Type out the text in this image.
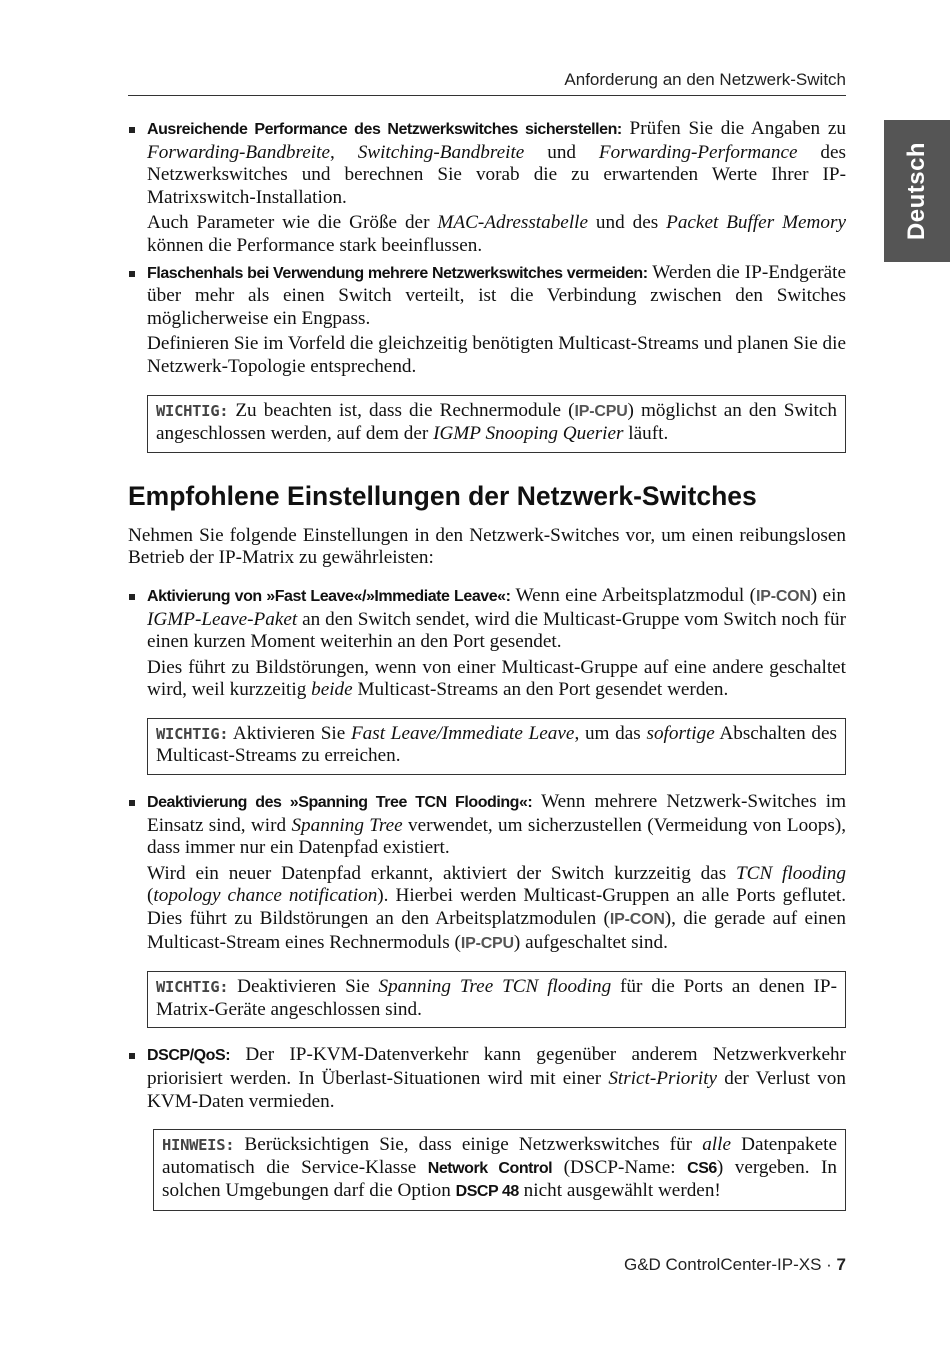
Anforderung an den Netzwerk-Switch
Deutsch

Ausreichende Performance des Netzwerkswitches sicherstellen: Prüfen Sie die Angaben zu Forwarding-Bandbreite, Switching-Bandbreite und Forwarding-Performance des Netzwerkswitches und berechnen Sie vorab die zu erwartenden Werte Ihrer IP-Matrixswitch-Installation.

Auch Parameter wie die Größe der MAC-Adresstabelle und des Packet Buffer Memory können die Performance stark beeinflussen.

Flaschenhals bei Verwendung mehrere Netzwerkswitches vermeiden: Werden die IP-Endgeräte über mehr als einen Switch verteilt, ist die Verbindung zwischen den Switches möglicherweise ein Engpass.

Definieren Sie im Vorfeld die gleichzeitig benötigten Multicast-Streams und planen Sie die Netzwerk-Topologie entsprechend.

WICHTIG: Zu beachten ist, dass die Rechnermodule (IP-CPU) möglichst an den Switch angeschlossen werden, auf dem der IGMP Snooping Querier läuft.
Empfohlene Einstellungen der Netzwerk-Switches

Nehmen Sie folgende Einstellungen in den Netzwerk-Switches vor, um einen reibungslosen Betrieb der IP-Matrix zu gewährleisten:

Aktivierung von »Fast Leave«/»Immediate Leave«: Wenn eine Arbeitsplatzmodul (IP-CON) ein IGMP-Leave-Paket an den Switch sendet, wird die Multicast-Gruppe vom Switch noch für einen kurzen Moment weiterhin an den Port gesendet.

Dies führt zu Bildstörungen, wenn von einer Multicast-Gruppe auf eine andere geschaltet wird, weil kurzzeitig beide Multicast-Streams an den Port gesendet werden.

WICHTIG: Aktivieren Sie Fast Leave/Immediate Leave, um das sofortige Abschalten des Multicast-Streams zu erreichen.

Deaktivierung des »Spanning Tree TCN Flooding«: Wenn mehrere Netzwerk-Switches im Einsatz sind, wird Spanning Tree verwendet, um sicherzustellen (Vermeidung von Loops), dass immer nur ein Datenpfad existiert.

Wird ein neuer Datenpfad erkannt, aktiviert der Switch kurzzeitig das TCN flooding (topology chance notification). Hierbei werden Multicast-Gruppen an alle Ports geflutet. Dies führt zu Bildstörungen an den Arbeitsplatzmodulen (IP-CON), die gerade auf einen Multicast-Stream eines Rechnermoduls (IP-CPU) aufgeschaltet sind.

WICHTIG: Deaktivieren Sie Spanning Tree TCN flooding für die Ports an denen IP-Matrix-Geräte angeschlossen sind.

DSCP/QoS: Der IP-KVM-Datenverkehr kann gegenüber anderem Netzwerkverkehr priorisiert werden. In Überlast-Situationen wird mit einer Strict-Priority der Verlust von KVM-Daten vermieden.

HINWEIS: Berücksichtigen Sie, dass einige Netzwerkswitches für alle Datenpakete automatisch die Service-Klasse Network Control (DSCP-Name: CS6) vergeben. In solchen Umgebungen darf die Option DSCP 48 nicht ausgewählt werden!
G&D ControlCenter-IP-XS · 7
